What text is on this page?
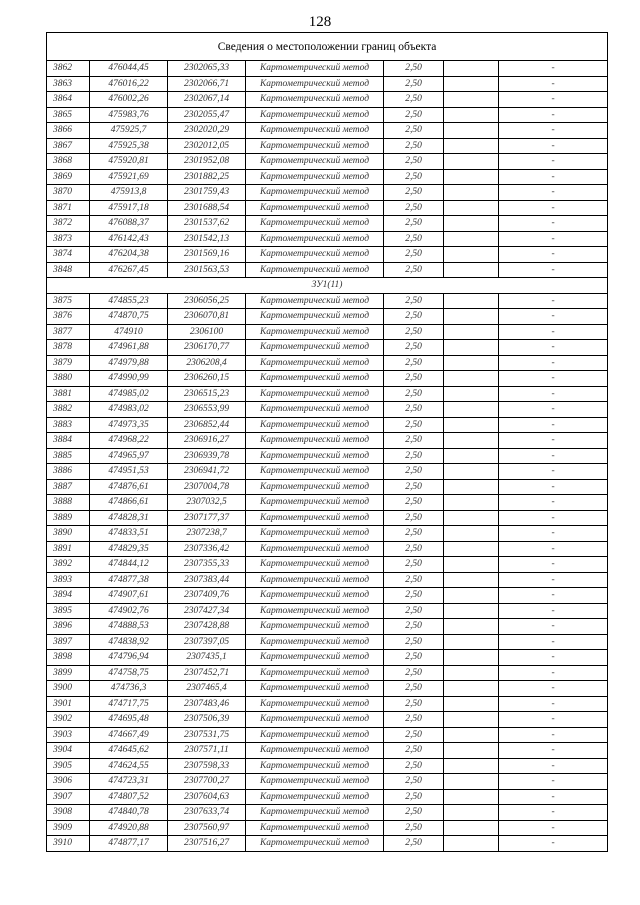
128
Сведения о местоположении границ объекта						
3862	476044,45	2302065,33	Картометрический метод	2,50		-
3863	476016,22	2302066,71	Картометрический метод	2,50		-
3864	476002,26	2302067,14	Картометрический метод	2,50		-
3865	475983,76	2302055,47	Картометрический метод	2,50		-
3866	475925,7	2302020,29	Картометрический метод	2,50		-
3867	475925,38	2302012,05	Картометрический метод	2,50		-
3868	475920,81	2301952,08	Картометрический метод	2,50		-
3869	475921,69	2301882,25	Картометрический метод	2,50		-
3870	475913,8	2301759,43	Картометрический метод	2,50		-
3871	475917,18	2301688,54	Картометрический метод	2,50		-
3872	476088,37	2301537,62	Картометрический метод	2,50		-
3873	476142,43	2301542,13	Картометрический метод	2,50		-
3874	476204,38	2301569,16	Картометрический метод	2,50		-
3848	476267,45	2301563,53	Картометрический метод	2,50		-
ЗУ1(11)						
3875	474855,23	2306056,25	Картометрический метод	2,50		-
3876	474870,75	2306070,81	Картометрический метод	2,50		-
3877	474910	2306100	Картометрический метод	2,50		-
3878	474961,88	2306170,77	Картометрический метод	2,50		-
3879	474979,88	2306208,4	Картометрический метод	2,50		-
3880	474990,99	2306260,15	Картометрический метод	2,50		-
3881	474985,02	2306515,23	Картометрический метод	2,50		-
3882	474983,02	2306553,99	Картометрический метод	2,50		-
3883	474973,35	2306852,44	Картометрический метод	2,50		-
3884	474968,22	2306916,27	Картометрический метод	2,50		-
3885	474965,97	2306939,78	Картометрический метод	2,50		-
3886	474951,53	2306941,72	Картометрический метод	2,50		-
3887	474876,61	2307004,78	Картометрический метод	2,50		-
3888	474866,61	2307032,5	Картометрический метод	2,50		-
3889	474828,31	2307177,37	Картометрический метод	2,50		-
3890	474833,51	2307238,7	Картометрический метод	2,50		-
3891	474829,35	2307336,42	Картометрический метод	2,50		-
3892	474844,12	2307355,33	Картометрический метод	2,50		-
3893	474877,38	2307383,44	Картометрический метод	2,50		-
3894	474907,61	2307409,76	Картометрический метод	2,50		-
3895	474902,76	2307427,34	Картометрический метод	2,50		-
3896	474888,53	2307428,88	Картометрический метод	2,50		-
3897	474838,92	2307397,05	Картометрический метод	2,50		-
3898	474796,94	2307435,1	Картометрический метод	2,50		-
3899	474758,75	2307452,71	Картометрический метод	2,50		-
3900	474736,3	2307465,4	Картометрический метод	2,50		-
3901	474717,75	2307483,46	Картометрический метод	2,50		-
3902	474695,48	2307506,39	Картометрический метод	2,50		-
3903	474667,49	2307531,75	Картометрический метод	2,50		-
3904	474645,62	2307571,11	Картометрический метод	2,50		-
3905	474624,55	2307598,33	Картометрический метод	2,50		-
3906	474723,31	2307700,27	Картометрический метод	2,50		-
3907	474807,52	2307604,63	Картометрический метод	2,50		-
3908	474840,78	2307633,74	Картометрический метод	2,50		-
3909	474920,88	2307560,97	Картометрический метод	2,50		-
3910	474877,17	2307516,27	Картометрический метод	2,50		-
